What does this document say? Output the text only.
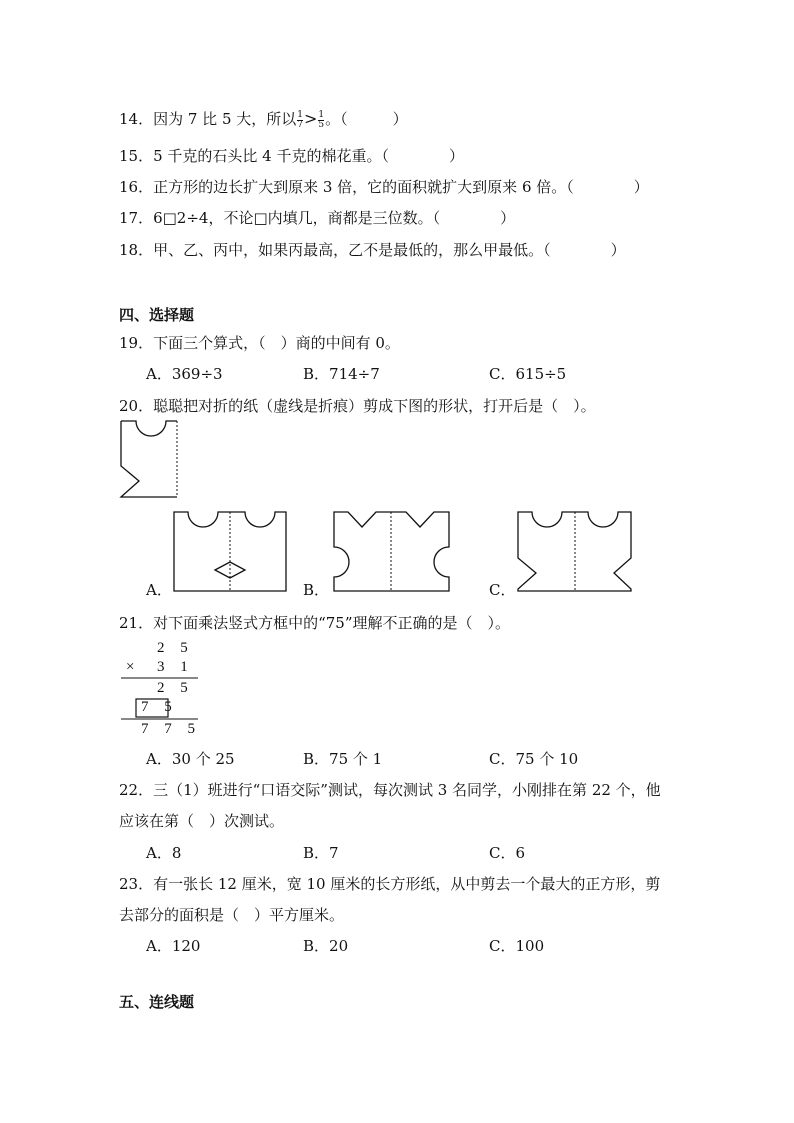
14．因为 7 比 5 大，所以 $\frac{1}{7} > \frac{1}{5}$ 。（　　　）
15．5 千克的石头比 4 千克的棉花重。（　　　　）
16．正方形的边长扩大到原来 3 倍，它的面积就扩大到原来 6 倍。（　　　　）
17．6□2÷4，不论□内填几，商都是三位数。（　　　　）
18．甲、乙、丙中，如果丙最高，乙不是最低的，那么甲最低。（　　　　）
四、选择题
19．下面三个算式，（　）商的中间有 0。
A．369÷3	B．714÷7	C．615÷5
20．聪聪把对折的纸（虚线是折痕）剪成下图的形状，打开后是（　）。
A．	B．	C．
21．对下面乘法竖式方框中的“75”理解不正确的是（　）。
2 5
× 3 1
2 5
7 5
7 7 5
A．30 个 25	B．75 个 1	C．75 个 10
22．三（1）班进行“口语交际”测试，每次测试 3 名同学，小刚排在第 22 个，他
应该在第（　）次测试。
A．8	B．7	C．6
23．有一张长 12 厘米，宽 10 厘米的长方形纸，从中剪去一个最大的正方形，剪
去部分的面积是（　）平方厘米。
A．120	B．20	C．100
五、连线题
